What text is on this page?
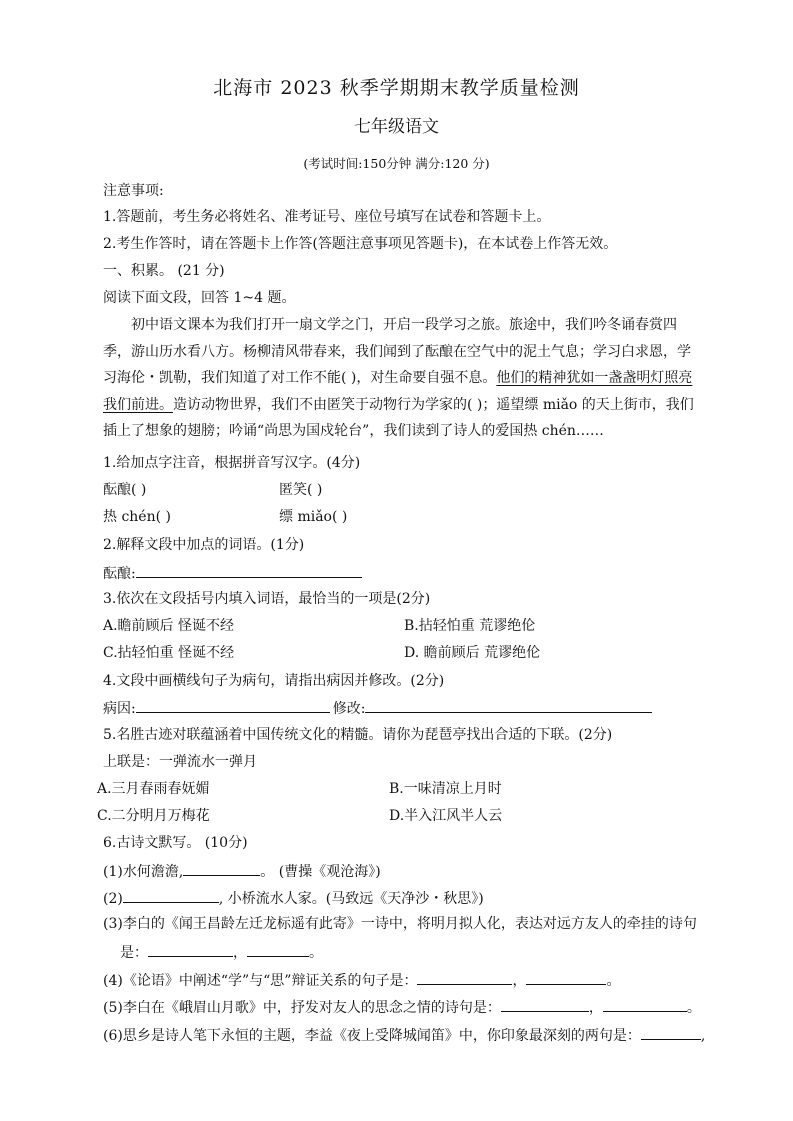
北海市 2023 秋季学期期末教学质量检测
七年级语文
(考试时间:150分钟 满分:120 分)
注意事项:
1.答题前，考生务必将姓名、准考证号、座位号填写在试卷和答题卡上。
2.考生作答时，请在答题卡上作答(答题注意事项见答题卡)，在本试卷上作答无效。
一、积累。 (21 分)
阅读下面文段，回答 1~4 题。
初中语文课本为我们打开一扇文学之门，开启一段学习之旅。旅途中，我们吟冬诵春赏四季，游山历水看八方。杨柳清风带春来，我们闻到了酝酿在空气中的泥土气息；学习白求恩，学习海伦・凯勒，我们知道了对工作不能( )，对生命要自强不息。他们的精神犹如一盏盏明灯照亮我们前进。造访动物世界，我们不由匿笑于动物行为学家的( )；遥望缥 miǎo 的天上街市，我们插上了想象的翅膀；吟诵“尚思为国戍轮台”，我们读到了诗人的爱国热 chén……
1.给加点字注音，根据拼音写汉字。(4分)
酝酿( )	匿笑( )
热 chén( )	缥 miǎo( )
2.解释文段中加点的词语。(1分)
酝酿:
3.依次在文段括号内填入词语，最恰当的一项是(2分)
A.瞻前顾后 怪诞不经	B.拈轻怕重 荒谬绝伦
C.拈轻怕重 怪诞不经	D. 瞻前顾后 荒谬绝伦
4.文段中画横线句子为病句，请指出病因并修改。(2分)
病因:	修改:
5.名胜古迹对联蕴涵着中国传统文化的精髓。请你为琵琶亭找出合适的下联。(2分)
上联是：一弹流水一弹月
A.三月春雨春妩媚	B.一味清凉上月时
C.二分明月万梅花	D.半入江风半人云
6.古诗文默写。 (10分)
(1)水何澹澹,	。 (曹操《观沧海》)
(2)	, 小桥流水人家。(马致远《天净沙・秋思》)
(3)李白的《闻王昌龄左迁龙标遥有此寄》一诗中，将明月拟人化，表达对远方友人的牵挂的诗句
是：	，	。
(4)《论语》中阐述“学”与“思”辩证关系的句子是：	，	。
(5)李白在《峨眉山月歌》中，抒发对友人的思念之情的诗句是：	，	。
(6)思乡是诗人笔下永恒的主题，李益《夜上受降城闻笛》中，你印象最深刻的两句是：	,
